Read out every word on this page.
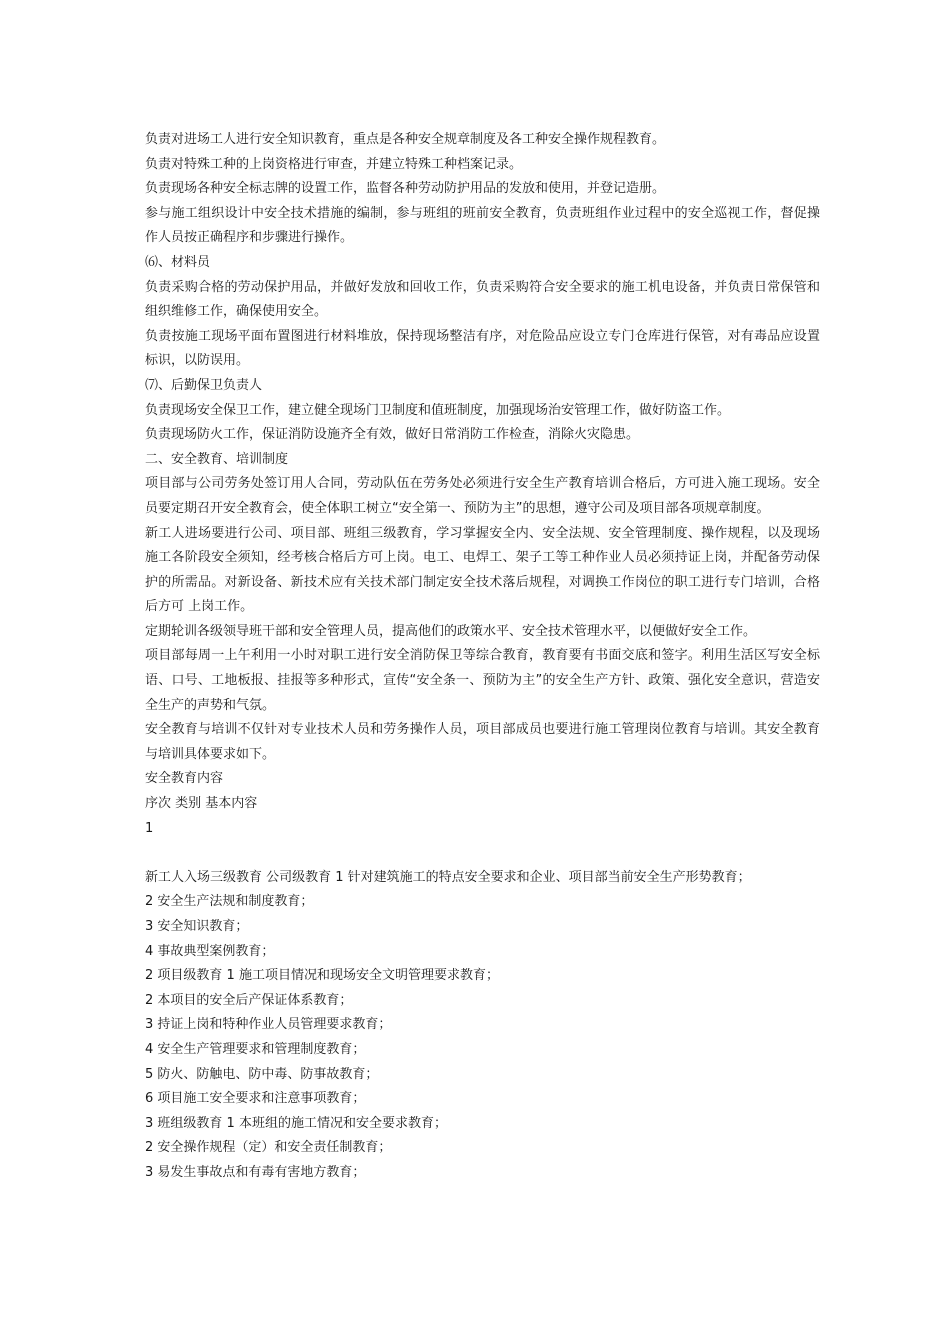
负责对进场工人进行安全知识教育，重点是各种安全规章制度及各工种安全操作规程教育。

负责对特殊工种的上岗资格进行审查，并建立特殊工种档案记录。

负责现场各种安全标志牌的设置工作，监督各种劳动防护用品的发放和使用，并登记造册。

参与施工组织设计中安全技术措施的编制，参与班组的班前安全教育，负责班组作业过程中的安全巡视工作，督促操作人员按正确程序和步骤进行操作。

⑹、材料员

负责采购合格的劳动保护用品，并做好发放和回收工作，负责采购符合安全要求的施工机电设备，并负责日常保管和组织维修工作，确保使用安全。

负责按施工现场平面布置图进行材料堆放，保持现场整洁有序，对危险品应设立专门仓库进行保管，对有毒品应设置标识，以防误用。

⑺、后勤保卫负责人

负责现场安全保卫工作，建立健全现场门卫制度和值班制度，加强现场治安管理工作，做好防盗工作。

负责现场防火工作，保证消防设施齐全有效，做好日常消防工作检查，消除火灾隐患。

二、安全教育、培训制度

项目部与公司劳务处签订用人合同，劳动队伍在劳务处必须进行安全生产教育培训合格后，方可进入施工现场。安全员要定期召开安全教育会，使全体职工树立“安全第一、预防为主”的思想，遵守公司及项目部各项规章制度。

新工人进场要进行公司、项目部、班组三级教育，学习掌握安全内、安全法规、安全管理制度、操作规程，以及现场施工各阶段安全须知，经考核合格后方可上岗。电工、电焊工、架子工等工种作业人员必须持证上岗，并配备劳动保护的所需品。对新设备、新技术应有关技术部门制定安全技术落后规程，对调换工作岗位的职工进行专门培训，合格后方可 上岗工作。

定期轮训各级领导班干部和安全管理人员，提高他们的政策水平、安全技术管理水平，以便做好安全工作。

项目部每周一上午利用一小时对职工进行安全消防保卫等综合教育，教育要有书面交底和签字。利用生活区写安全标语、口号、工地板报、挂报等多种形式，宣传“安全条一、预防为主”的安全生产方针、政策、强化安全意识，营造安全生产的声势和气氛。

安全教育与培训不仅针对专业技术人员和劳务操作人员，项目部成员也要进行施工管理岗位教育与培训。其安全教育与培训具体要求如下。

安全教育内容

序次 类别 基本内容

1

新工人入场三级教育 公司级教育 1 针对建筑施工的特点安全要求和企业、项目部当前安全生产形势教育；

2 安全生产法规和制度教育；

3 安全知识教育；

4 事故典型案例教育；

2 项目级教育 1 施工项目情况和现场安全文明管理要求教育；

2 本项目的安全后产保证体系教育；

3 持证上岗和特种作业人员管理要求教育；

4 安全生产管理要求和管理制度教育；

5 防火、防触电、防中毒、防事故教育；

6 项目施工安全要求和注意事项教育；

3 班组级教育 1 本班组的施工情况和安全要求教育；

2 安全操作规程（定）和安全责任制教育；

3 易发生事故点和有毒有害地方教育；
